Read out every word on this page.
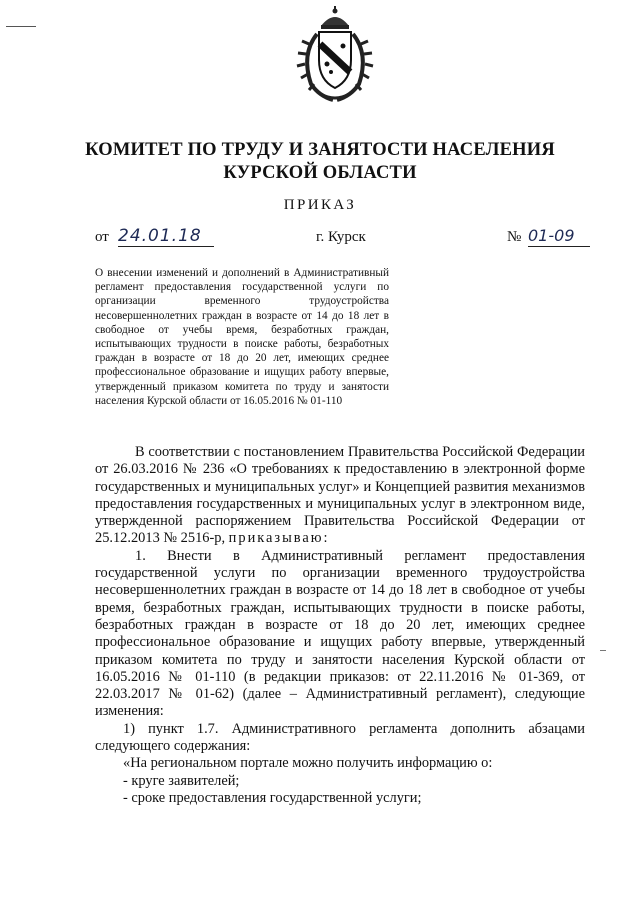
КОМИТЕТ ПО ТРУДУ И ЗАНЯТОСТИ НАСЕЛЕНИЯ
КУРСКОЙ ОБЛАСТИ
ПРИКАЗ
от 24.01.18	г. Курск	№ 01-09
О внесении изменений и дополнений в Административный регламент предоставления государственной услуги по организации временного трудоустройства несовершеннолетних граждан в возрасте от 14 до 18 лет в свободное от учебы время, безработных граждан, испытывающих трудности в поиске работы, безработных граждан в возрасте от 18 до 20 лет, имеющих среднее профессиональное образование и ищущих работу впервые, утвержденный приказом комитета по труду и занятости населения Курской области от 16.05.2016 № 01-110

В соответствии с постановлением Правительства Российской Федерации от 26.03.2016 № 236 «О требованиях к предоставлению в электронной форме государственных и муниципальных услуг» и Концепцией развития механизмов предоставления государственных и муниципальных услуг в электронном виде, утвержденной распоряжением Правительства Российской Федерации от 25.12.2013 № 2516-р, приказываю:

1. Внести в Административный регламент предоставления государственной услуги по организации временного трудоустройства несовершеннолетних граждан в возрасте от 14 до 18 лет в свободное от учебы время, безработных граждан, испытывающих трудности в поиске работы, безработных граждан в возрасте от 18 до 20 лет, имеющих среднее профессиональное образование и ищущих работу впервые, утвержденный приказом комитета по труду и занятости населения Курской области от 16.05.2016 № 01-110 (в редакции приказов: от 22.11.2016 № 01-369, от 22.03.2017 № 01-62) (далее – Административный регламент), следующие изменения:

1) пункт 1.7. Административного регламента дополнить абзацами следующего содержания:

«На региональном портале можно получить информацию о:

- круге заявителей;

- сроке предоставления государственной услуги;
